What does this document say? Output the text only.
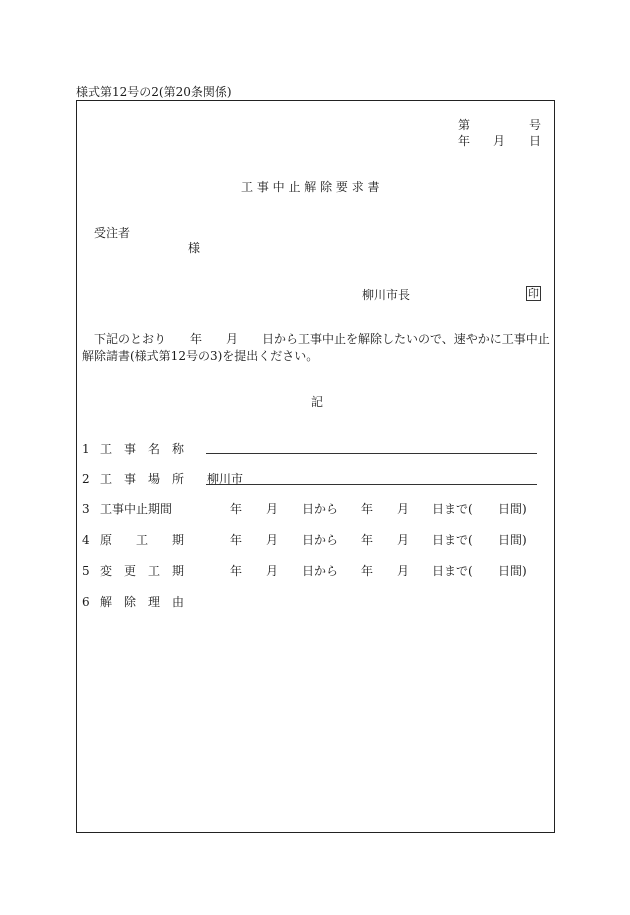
様式第12号の2(第20条関係)
第	号
年 月 日
工 事 中 止 解 除 要 求 書
受注者
様
柳川市長	印
下記のとおり　　年　　月　　日から工事中止を解除したいので、速やかに工事中止解除請書(様式第12号の3)を提出ください。
記
1 工　事　名　称
2 工　事　場　所 柳川市
3 工事中止期間	年 月 日から 年 月 日まで( 日間)
4 原　　工　　期	年 月 日から 年 月 日まで( 日間)
5 変　更　工　期	年 月 日から 年 月 日まで( 日間)
6 解　除　理　由
